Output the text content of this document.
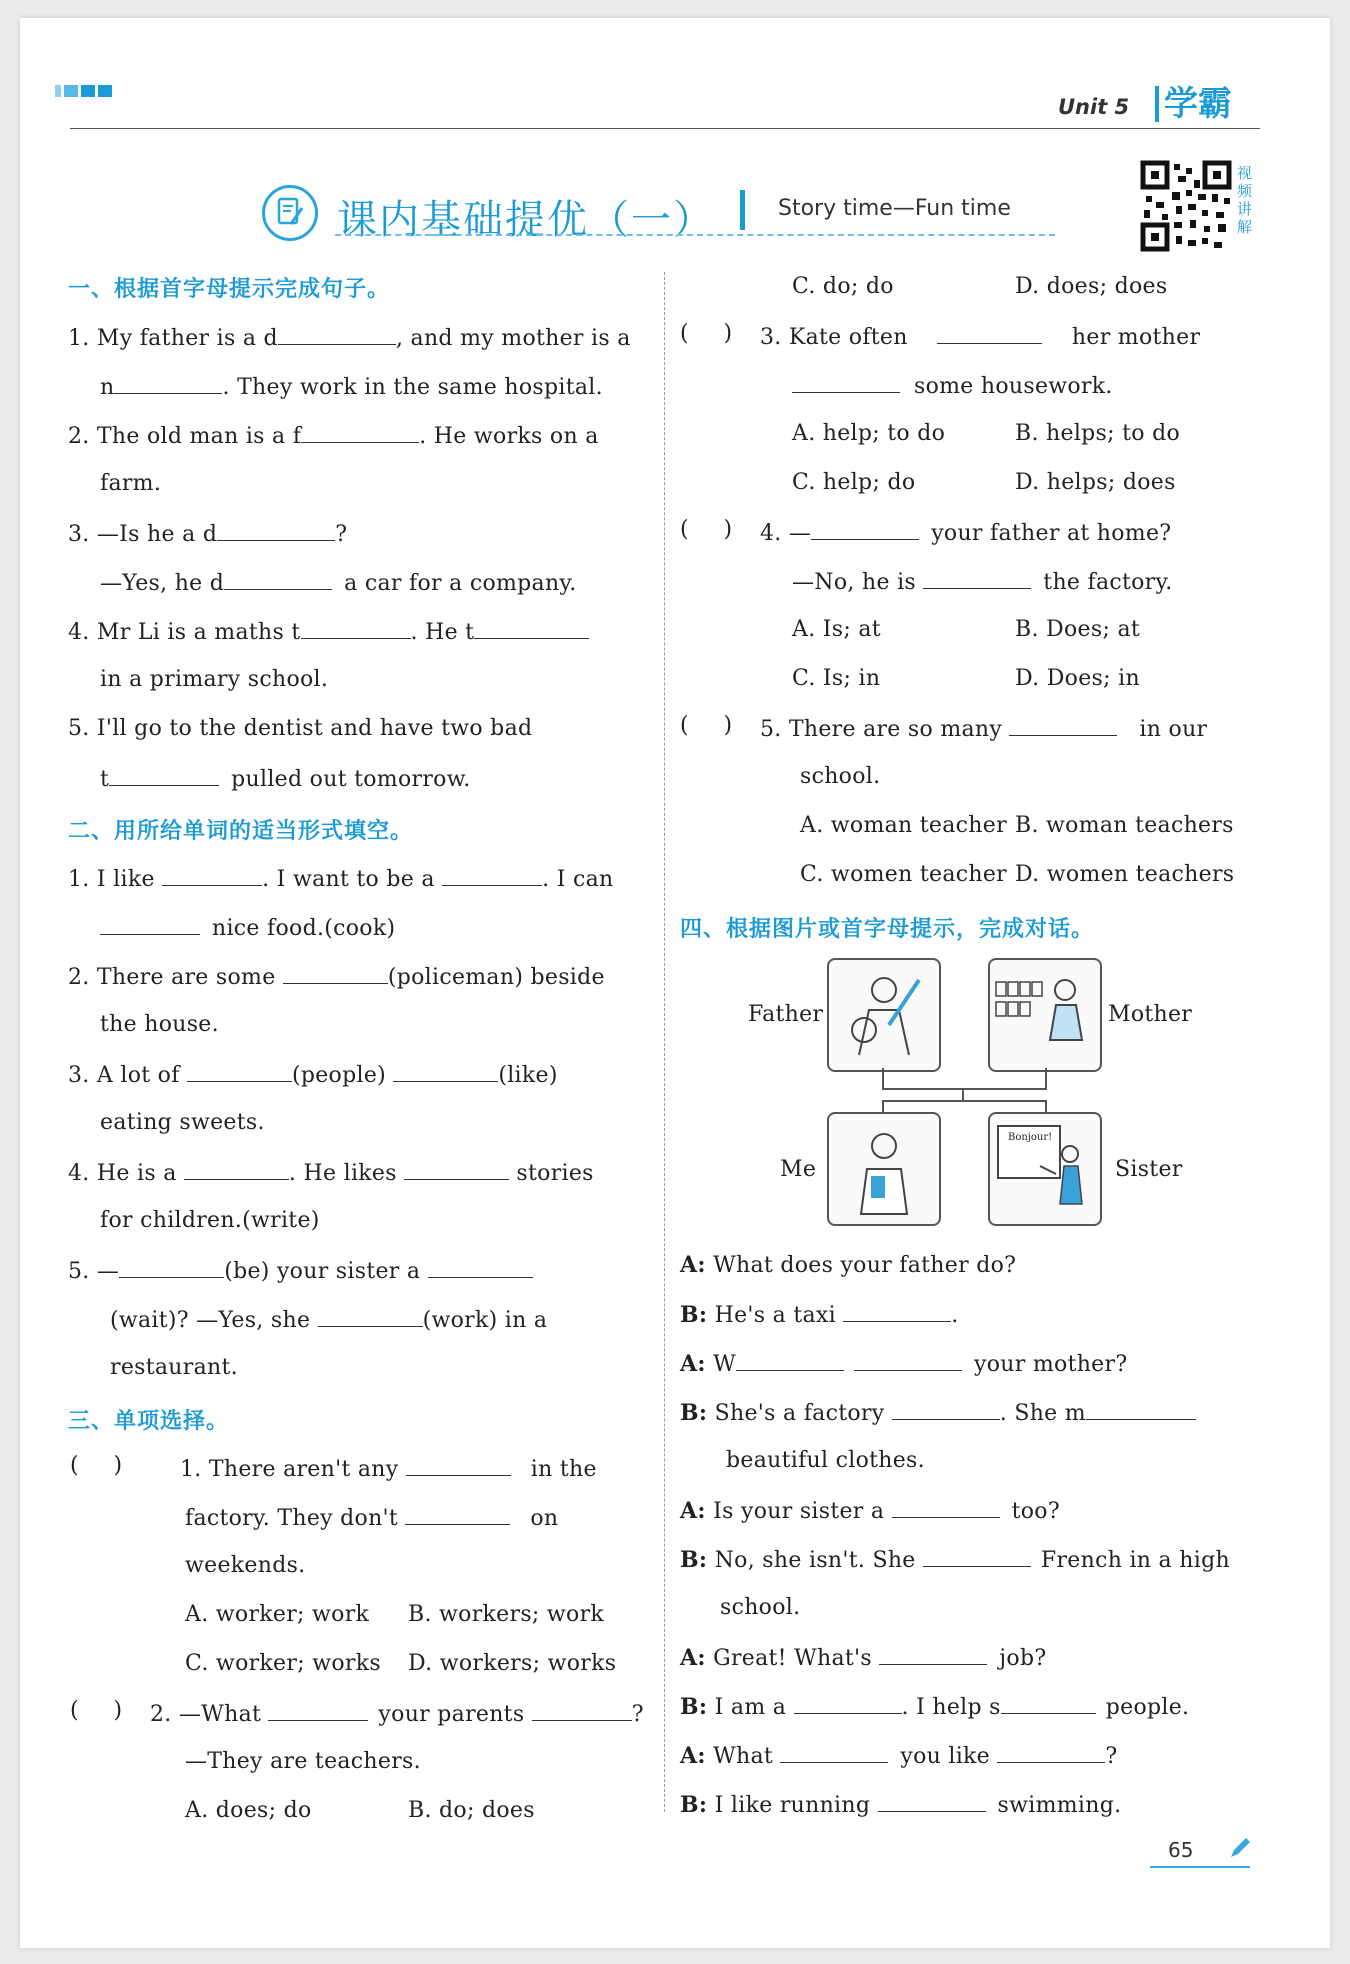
Unit 5 学霸
课内基础提优（一）	Story time—Fun time
视频讲解
一、根据首字母提示完成句子。
1. My father is a d	, and my mother is a
n	. They work in the same hospital.
2. The old man is a f	. He works on a
farm.
3. —Is he a d	?
—Yes, he d	a car for a company.
4. Mr Li is a maths t	. He t
in a primary school.
5. I'll go to the dentist and have two bad
t	pulled out tomorrow.
二、用所给单词的适当形式填空。
1. I like	. I want to be a	. I can
nice food.(cook)
2. There are some	(policeman) beside
the house.
3. A lot of	(people)	(like)
eating sweets.
4. He is a	. He likes	stories
for children.(write)
5. —	(be) your sister a
(wait)? —Yes, she	(work) in a
restaurant.
三、单项选择。
(     )	1. There aren't any	in the
factory. They don't	on
weekends.
A. worker; work B. workers; work
C. worker; works D. workers; works
(     ) 2. —What	your parents	?
—They are teachers.
A. does; do	B. do; does
C. do; do	D. does; does
(     ) 3. Kate often	her mother
some housework.
A. help; to do	B. helps; to do
C. help; do	D. helps; does
(     ) 4. —	your father at home?
—No, he is	the factory.
A. Is; at	B. Does; at
C. Is; in	D. Does; in
(     ) 5. There are so many	in our
school.
A. woman teacher B. woman teachers
C. women teacher D. women teachers
四、根据图片或首字母提示，完成对话。
Bonjour!
Father	Mother
Me	Sister
A: What does your father do?
B: He's a taxi	.
A: W	your mother?
B: She's a factory	. She m
beautiful clothes.
A: Is your sister a	too?
B: No, she isn't. She	French in a high
school.
A: Great! What's	job?
B: I am a	. I help s	people.
A: What	you like	?
B: I like running	swimming.
65
